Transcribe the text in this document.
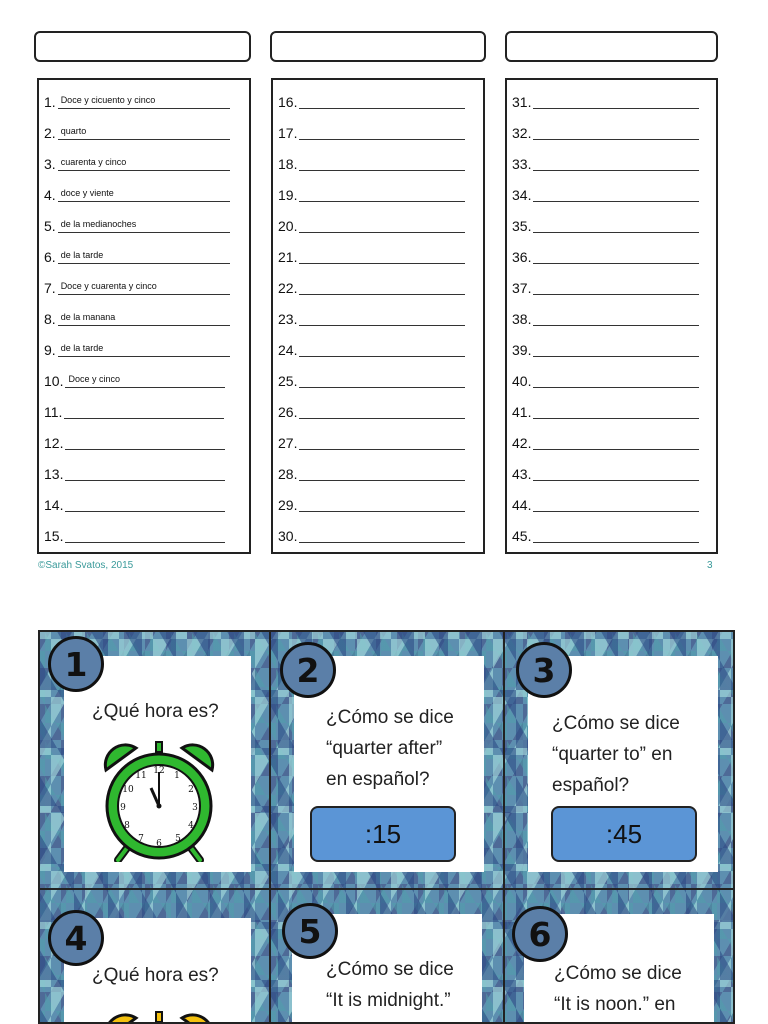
1. Doce y cicuento y cinco
2. quarto
3. cuarenta y cinco
4. doce y viente
5. de la medianoches
6. de la tarde
7. Doce y cuarenta y cinco
8. de la manana
9. de la tarde
10. Doce y cinco
11.
12.
13.
14.
15.
16.
17.
18.
19.
20.
21.
22.
23.
24.
25.
26.
27.
28.
29.
30.
31.
32.
33.
34.
35.
36.
37.
38.
39.
40.
41.
42.
43.
44.
45.
©Sarah Svatos, 2015	3
¿Qué hora es?
12 1
2
3
4
5
6
7
8
9
10
11
1
¿Cómo se dice
“quarter after”
en español?
:15
2
¿Cómo se dice
“quarter to” en
español?
:45
3
¿Qué hora es?
4
¿Cómo se dice
“It is midnight.”
5
¿Cómo se dice
“It is noon.” en
6
